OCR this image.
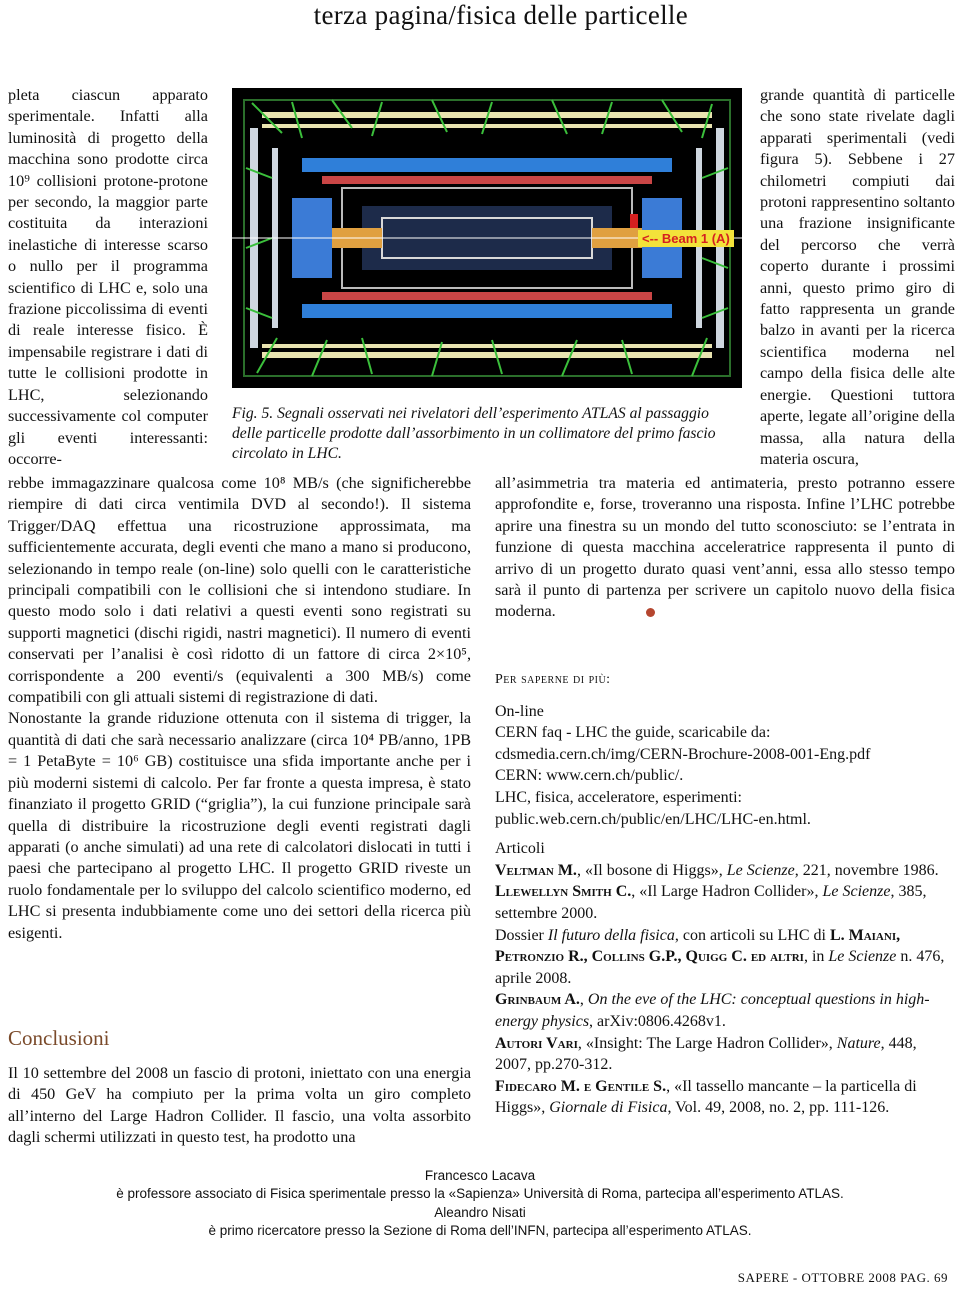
terza pagina/fisica delle particelle

pleta ciascun apparato sperimentale. Infatti alla luminosità di progetto della macchina sono prodotte circa 10⁹ collisioni protone-protone per secondo, la maggior parte costituita da interazioni inelastiche di interesse scarso o nullo per il programma scientifico di LHC e, solo una frazione piccolissima di eventi di reale interesse fisico. È impensabile registrare i dati di tutte le collisioni prodotte in LHC, selezionando successivamente col computer gli eventi interessanti: occorre-

<-- Beam 1 (A)
Fig. 5. Segnali osservati nei rivelatori dell’esperimento ATLAS al passaggio delle particelle prodotte dall’assorbimento in un collimatore del primo fascio circolato in LHC.

grande quantità di particelle che sono state rivelate dagli apparati sperimentali (vedi figura 5). Sebbene i 27 chilometri compiuti dai protoni rappresentino soltanto una frazione insignificante del percorso che verrà coperto durante i prossimi anni, questo primo giro di fatto rappresenta un grande balzo in avanti per la ricerca scientifica moderna nel campo della fisica delle alte energie. Questioni tuttora aperte, legate all’origine della massa, alla natura della materia oscura,

rebbe immagazzinare qualcosa come 10⁸ MB/s (che significherebbe riempire di dati circa ventimila DVD al secondo!). Il sistema Trigger/DAQ effettua una ricostruzione approssimata, ma sufficientemente accurata, degli eventi che mano a mano si producono, selezionando in tempo reale (on-line) solo quelli con le caratteristiche principali compatibili con le collisioni che si intendono studiare. In questo modo solo i dati relativi a questi eventi sono registrati su supporti magnetici (dischi rigidi, nastri magnetici). Il numero di eventi conservati per l’analisi è così ridotto di un fattore di circa 2×10⁵, corrispondente a 200 eventi/s (equivalenti a 300 MB/s) come compatibili con gli attuali sistemi di registrazione di dati.

Nonostante la grande riduzione ottenuta con il sistema di trigger, la quantità di dati che sarà necessario analizzare (circa 10⁴ PB/anno, 1PB = 1 PetaByte = 10⁶ GB) costituisce una sfida importante anche per i più moderni sistemi di calcolo. Per far fronte a questa impresa, è stato finanziato il progetto GRID (“griglia”), la cui funzione principale sarà quella di distribuire la ricostruzione degli eventi registrati dagli apparati (o anche simulati) ad una rete di calcolatori dislocati in tutti i paesi che partecipano al progetto LHC. Il progetto GRID riveste un ruolo fondamentale per lo sviluppo del calcolo scientifico moderno, ed LHC si presenta indubbiamente come uno dei settori della ricerca più esigenti.

Conclusioni

Il 10 settembre del 2008 un fascio di protoni, iniettato con una energia di 450 GeV ha compiuto per la prima volta un giro completo all’interno del Large Hadron Collider. Il fascio, una volta assorbito dagli schermi utilizzati in questo test, ha prodotto una

all’asimmetria tra materia ed antimateria, presto potranno essere approfondite e, forse, troveranno una risposta. Infine l’LHC potrebbe aprire una finestra su un mondo del tutto sconosciuto: se l’entrata in funzione di questa macchina acceleratrice rappresenta il punto di arrivo di un progetto durato quasi vent’anni, essa allo stesso tempo sarà il punto di partenza per scrivere un capitolo nuovo della fisica moderna.

Per saperne di più:

On-line

CERN faq - LHC the guide, scaricabile da: cdsmedia.cern.ch/img/CERN-Brochure-2008-001-Eng.pdf

CERN: www.cern.ch/public/.

LHC, fisica, acceleratore, esperimenti: public.web.cern.ch/public/en/LHC/LHC-en.html.

Articoli

Veltman M., «Il bosone di Higgs», Le Scienze, 221, novembre 1986.

Llewellyn Smith C., «Il Large Hadron Collider», Le Scienze, 385, settembre 2000.

Dossier Il futuro della fisica, con articoli su LHC di L. Maiani, Petronzio R., Collins G.P., Quigg C. ed altri, in Le Scienze n. 476, aprile 2008.

Grinbaum A., On the eve of the LHC: conceptual questions in high-energy physics, arXiv:0806.4268v1.

Autori Vari, «Insight: The Large Hadron Collider», Nature, 448, 2007, pp.270-312.

Fidecaro M. e Gentile S., «Il tassello mancante – la particella di Higgs», Giornale di Fisica, Vol. 49, 2008, no. 2, pp. 111-126.

Francesco Lacava
è professore associato di Fisica sperimentale presso la «Sapienza» Università di Roma, partecipa all’esperimento ATLAS.
Aleandro Nisati
è primo ricercatore presso la Sezione di Roma dell’INFN, partecipa all’esperimento ATLAS.
SAPERE - OTTOBRE 2008 PAG. 69
